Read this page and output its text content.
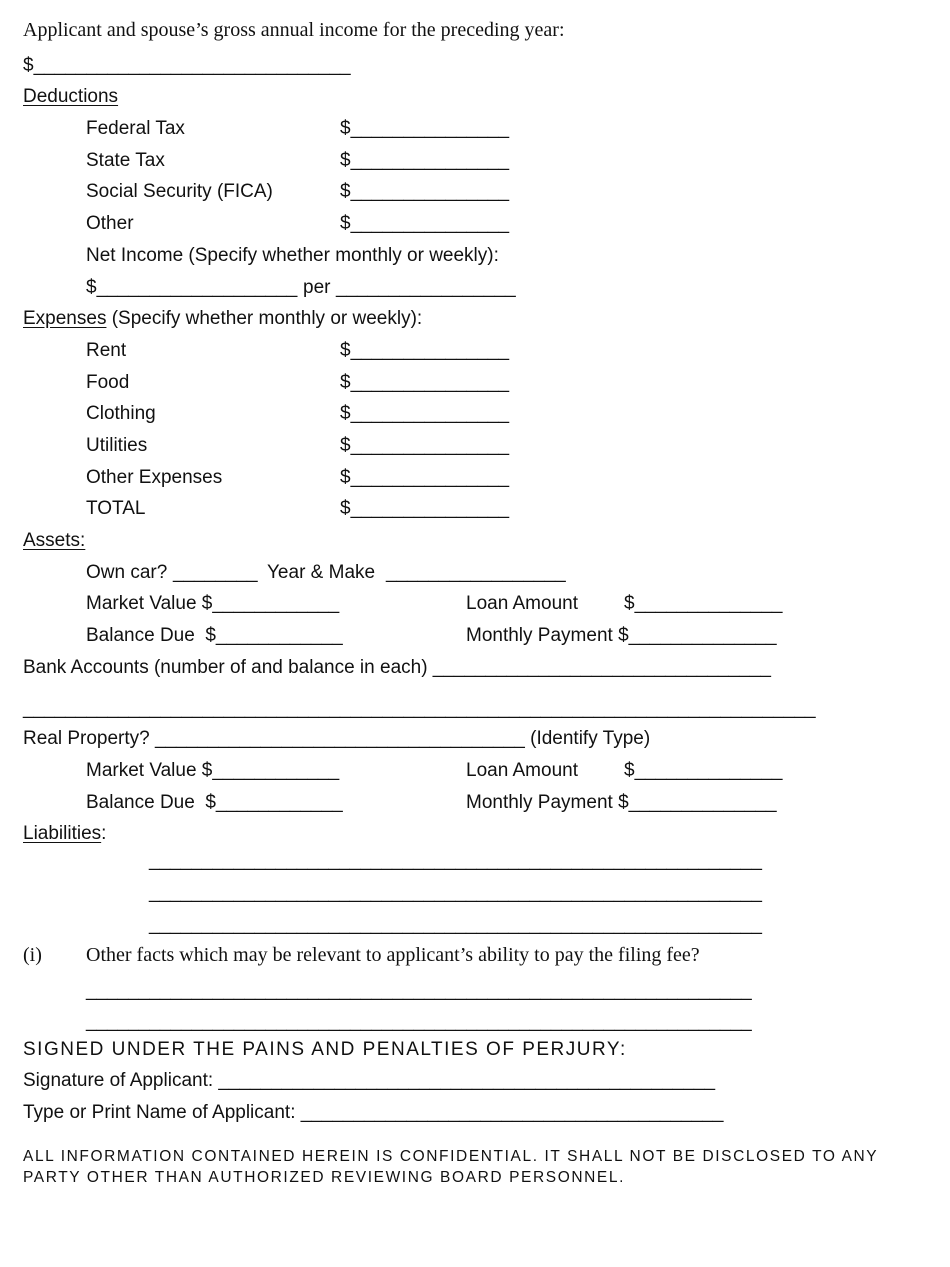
Applicant and spouse’s gross annual income for the preceding year:
$______________________________
Deductions
Federal Tax	$_______________
State Tax	$_______________
Social Security (FICA)	$_______________
Other	$_______________
Net Income (Specify whether monthly or weekly):
$___________________ per _________________
Expenses (Specify whether monthly or weekly):
Rent	$_______________
Food	$_______________
Clothing	$_______________
Utilities	$_______________
Other Expenses	$_______________
TOTAL	$_______________
Assets:
Own car? ________ Year & Make _________________
Market Value $____________	Loan Amount $______________
Balance Due  $____________	Monthly Payment $______________
Bank Accounts (number of and balance in each) ________________________________
___________________________________________________________________________
Real Property? ___________________________________ (Identify Type)
Market Value $____________	Loan Amount $______________
Balance Due  $____________	Monthly Payment $______________
Liabilities:
__________________________________________________________
__________________________________________________________
__________________________________________________________
(i) Other facts which may be relevant to applicant’s ability to pay the filing fee?
_______________________________________________________________
_______________________________________________________________
SIGNED UNDER THE PAINS AND PENALTIES OF PERJURY:
Signature of Applicant: _______________________________________________
Type or Print Name of Applicant: ________________________________________
ALL INFORMATION CONTAINED HEREIN IS CONFIDENTIAL. IT SHALL NOT BE DISCLOSED TO ANY
PARTY OTHER THAN AUTHORIZED REVIEWING BOARD PERSONNEL.
